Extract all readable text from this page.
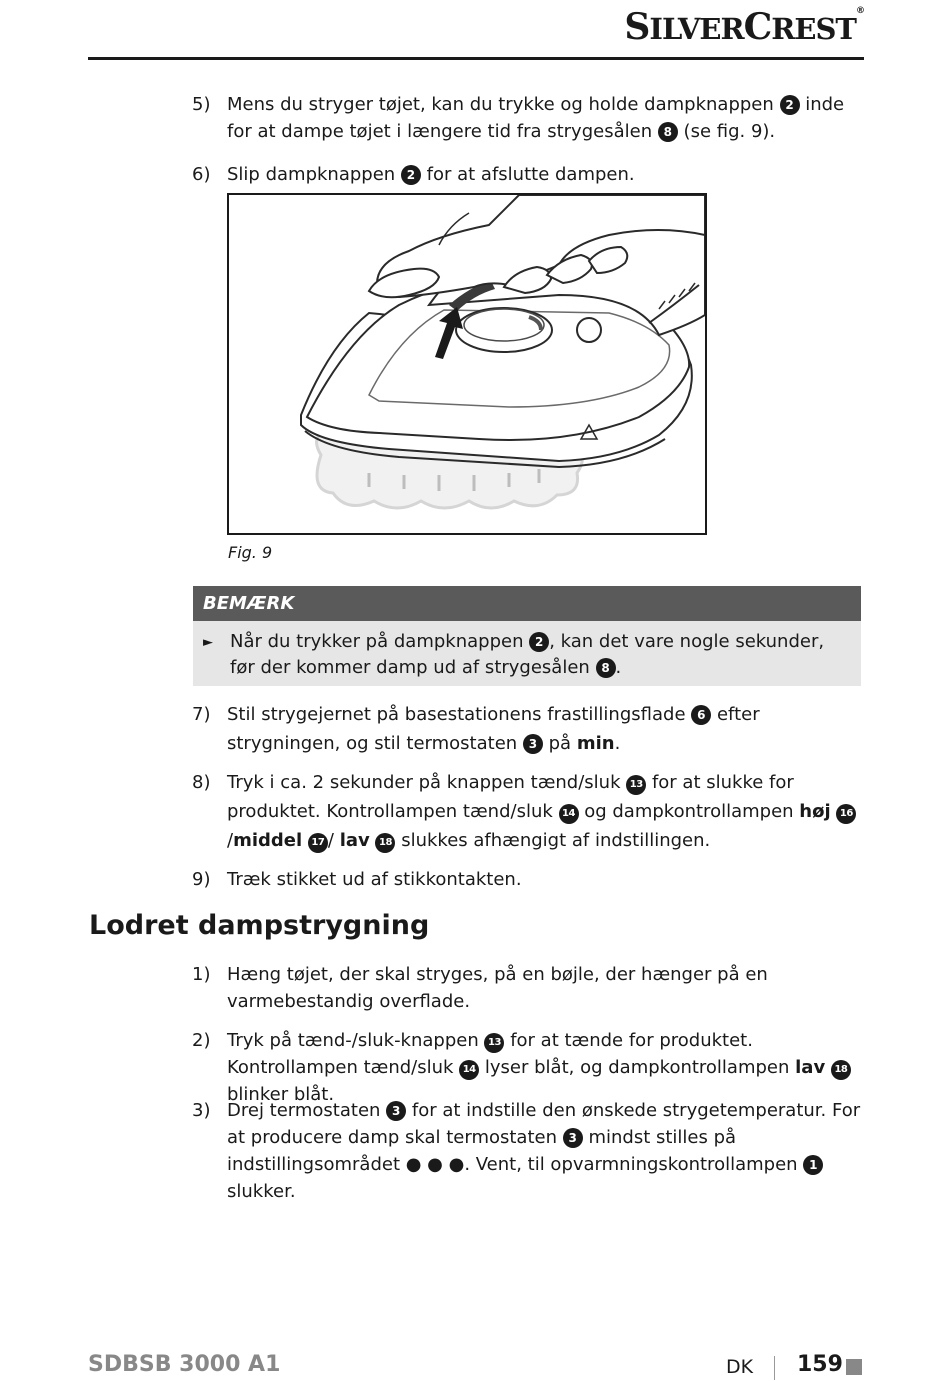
SILVERCREST®
5) Mens du stryger tøjet, kan du trykke og holde dampknappen 2 inde for at dampe tøjet i længere tid fra strygesålen 8 (se fig. 9).
6) Slip dampknappen 2 for at afslutte dampen.
Fig. 9
BEMÆRK
► Når du trykker på dampknappen 2 , kan det vare nogle sekunder, før der kommer damp ud af strygesålen 8 .
7) Stil strygejernet på basestationens frastillingsflade 6 efter strygningen, og stil termostaten 3 på min.
8) Tryk i ca. 2 sekunder på knappen tænd/sluk 13 for at slukke for produktet. Kontrollampen tænd/sluk 14 og dampkontrollampen høj 16/middel 17 / lav 18 slukkes afhængigt af indstillingen.
9) Træk stikket ud af stikkontakten.
Lodret dampstrygning
1) Hæng tøjet, der skal stryges, på en bøjle, der hænger på en varmebestandig overflade.
2) Tryk på tænd-/sluk-knappen 13 for at tænde for produktet. Kontrollampen tænd/sluk 14 lyser blåt, og dampkontrollampen lav 18 blinker blåt.
3) Drej termostaten 3 for at indstille den ønskede strygetemperatur. For at producere damp skal termostaten 3 mindst stilles på indstillingsområdet ● ● ●. Vent, til opvarmningskontrollampen 1 slukker.
SDBSB 3000 A1	DK 159
